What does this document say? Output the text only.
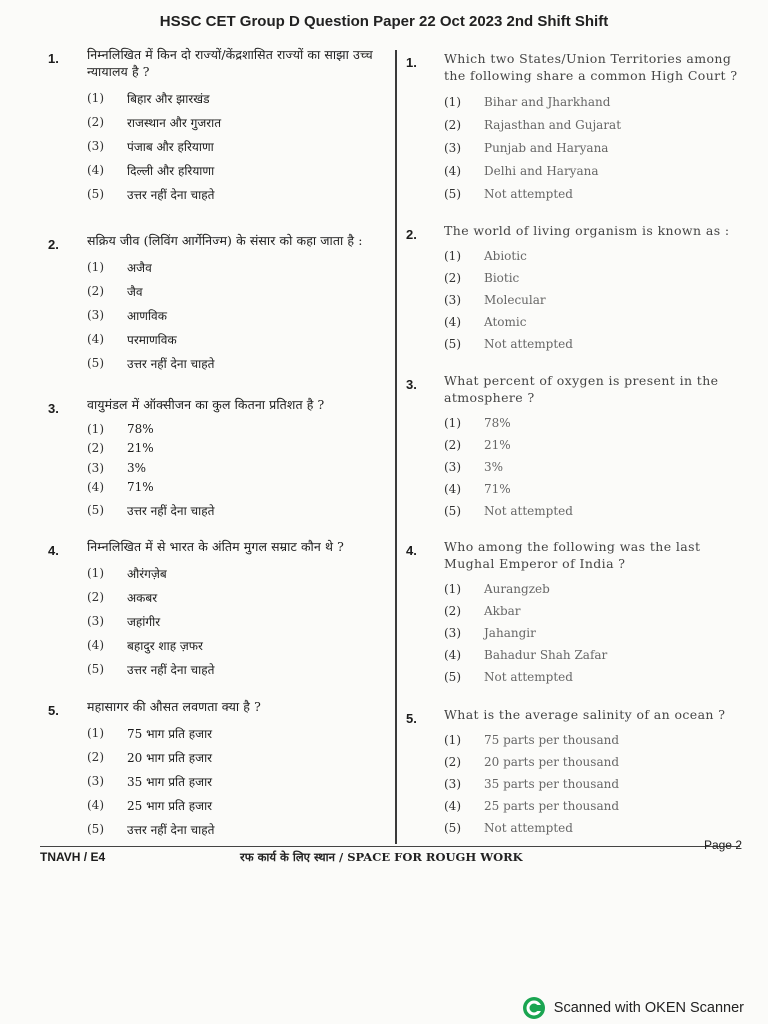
HSSC CET Group D Question Paper 22 Oct 2023 2nd Shift Shift
1. निम्नलिखित में किन दो राज्यों/केंद्रशासित राज्यों का साझा उच्च न्यायालय है ?
(1)	बिहार और झारखंड
(2)	राजस्थान और गुजरात
(3)	पंजाब और हरियाणा
(4)	दिल्ली और हरियाणा
(5)	उत्तर नहीं देना चाहते
2. सक्रिय जीव (लिविंग आर्गेनिज्म) के संसार को कहा जाता है :
(1)	अजैव
(2)	जैव
(3)	आणविक
(4)	परमाणविक
(5)	उत्तर नहीं देना चाहते
3. वायुमंडल में ऑक्सीजन का कुल कितना प्रतिशत है ?
(1)	78%
(2)	21%
(3)	3%
(4)	71%
(5)	उत्तर नहीं देना चाहते
4. निम्नलिखित में से भारत के अंतिम मुगल सम्राट कौन थे ?
(1)	औरंगज़ेब
(2)	अकबर
(3)	जहांगीर
(4)	बहादुर शाह ज़फर
(5)	उत्तर नहीं देना चाहते
5. महासागर की औसत लवणता क्या है ?
(1)	75 भाग प्रति हजार
(2)	20 भाग प्रति हजार
(3)	35 भाग प्रति हजार
(4)	25 भाग प्रति हजार
(5)	उत्तर नहीं देना चाहते
1. Which two States/Union Territories among the following share a common High Court ?
(1)	Bihar and Jharkhand
(2)	Rajasthan and Gujarat
(3)	Punjab and Haryana
(4)	Delhi and Haryana
(5)	Not attempted
2. The world of living organism is known as :
(1)	Abiotic
(2)	Biotic
(3)	Molecular
(4)	Atomic
(5)	Not attempted
3. What percent of oxygen is present in the atmosphere ?
(1)	78%
(2)	21%
(3)	3%
(4)	71%
(5)	Not attempted
4. Who among the following was the last Mughal Emperor of India ?
(1)	Aurangzeb
(2)	Akbar
(3)	Jahangir
(4)	Bahadur Shah Zafar
(5)	Not attempted
5. What is the average salinity of an ocean ?
(1)	75 parts per thousand
(2)	20 parts per thousand
(3)	35 parts per thousand
(4)	25 parts per thousand
(5)	Not attempted
TNAVH / E4	रफ कार्य के लिए स्थान / SPACE FOR ROUGH WORK
Page 2
Scanned with OKEN Scanner
